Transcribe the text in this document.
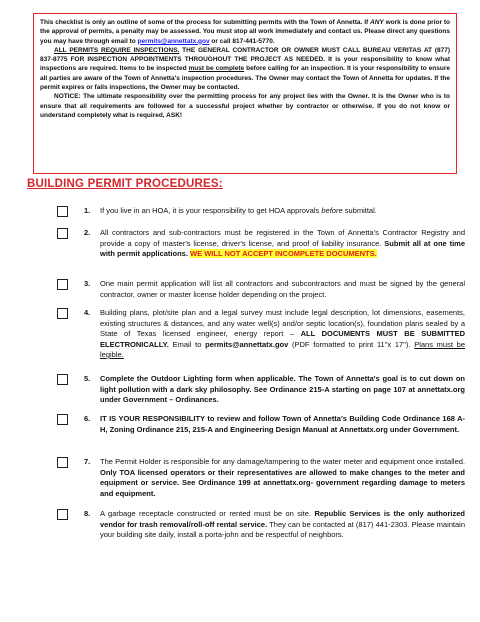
This checklist is only an outline of some of the process for submitting permits with the Town of Annetta. If ANY work is done prior to the approval of permits, a penalty may be assessed. You must stop all work immediately and contact us. Please direct any questions you may have through email to permits@annettatx.gov or call 817-441-5770.

ALL PERMITS REQUIRE INSPECTIONS. THE GENERAL CONTRACTOR OR OWNER MUST CALL BUREAU VERITAS AT (877) 837-8775 FOR INSPECTION APPOINTMENTS THROUGHOUT THE PROJECT AS NEEDED. It is your responsibility to know what inspections are required. Items to be inspected must be complete before calling for an inspection. It is your responsibility to ensure all parties are aware of the Town of Annetta's inspection procedures. The Owner may contact the Town of Annetta for updates. If the permit expires or fails inspections, the Owner may be contacted.

NOTICE: The ultimate responsibility over the permitting process for any project lies with the Owner. It is the Owner who is to ensure that all requirements are followed for a successful project whether by contractor or otherwise. If you do not know or understand completely what is required, ASK!

BUILDING PERMIT PROCEDURES:
1. If you live in an HOA, it is your responsibility to get HOA approvals before submittal.

2. All contractors and sub-contractors must be registered in the Town of Annetta's Contractor Registry and provide a copy of master's license, driver's license, and proof of liability insurance. Submit all at one time with permit applications. WE WILL NOT ACCEPT INCOMPLETE DOCUMENTS.

3. One main permit application will list all contractors and subcontractors and must be signed by the general contractor, owner or master license holder depending on the project.

4. Building plans, plot/site plan and a legal survey must include legal description, lot dimensions, easements, existing structures & distances, and any water well(s) and/or septic location(s), foundation plans sealed by a State of Texas licensed engineer, energy report – ALL DOCUMENTS MUST BE SUBMITTED ELECTRONICALLY. Email to permits@annettatx.gov (PDF formatted to print 11"x 17"). Plans must be legible.

5. Complete the Outdoor Lighting form when applicable. The Town of Annetta's goal is to cut down on light pollution with a dark sky philosophy. See Ordinance 215-A starting on page 107 at annettatx.org under Government – Ordinances.

6. IT IS YOUR RESPONSIBILITY to review and follow Town of Annetta's Building Code Ordinance 168 A-H, Zoning Ordinance 215, 215-A and Engineering Design Manual at Annettatx.org under Government.

7. The Permit Holder is responsible for any damage/tampering to the water meter and equipment once installed. Only TOA licensed operators or their representatives are allowed to make changes to the meter and equipment or service. See Ordinance 199 at annettatx.org- government regarding damage to meters and equipment.

8. A garbage receptacle constructed or rented must be on site. Republic Services is the only authorized vendor for trash removal/roll-off rental service. They can be contacted at (817) 441-2303. Please maintain your building site daily, install a porta-john and be respectful of neighbors.
